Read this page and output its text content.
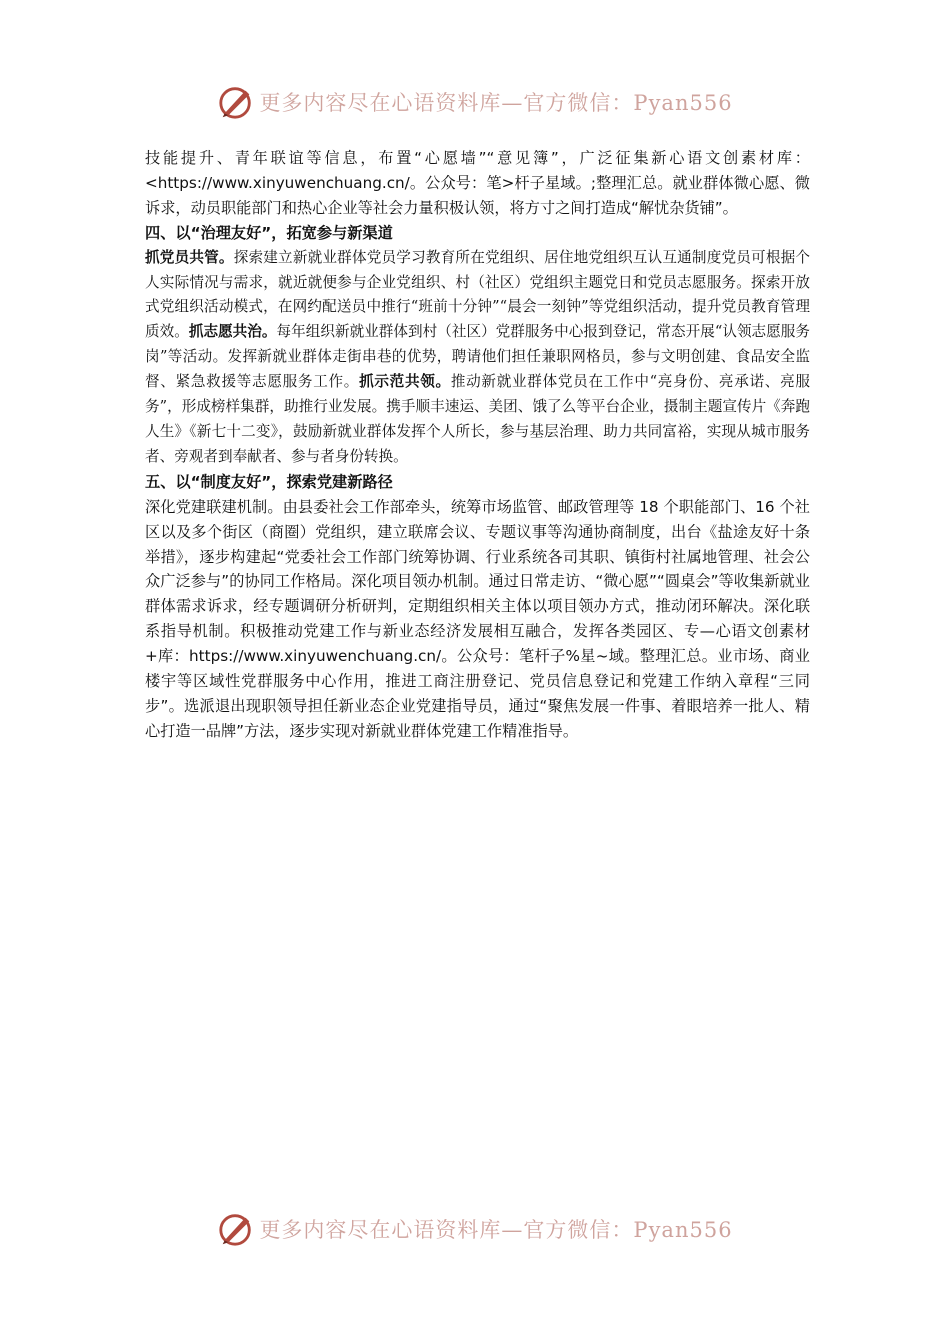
更多内容尽在心语资料库—官方微信：Pyan556

技能提升、青年联谊等信息，布置“心愿墙”“意见簿”，广泛征集新心语文创素材库：<https://www.xinyuwenchuang.cn/。公众号：笔>杆子星域。;整理汇总。就业群体微心愿、微诉求，动员职能部门和热心企业等社会力量积极认领，将方寸之间打造成“解忧杂货铺”。

四、以“治理友好”，拓宽参与新渠道

抓党员共管。探索建立新就业群体党员学习教育所在党组织、居住地党组织互认互通制度党员可根据个人实际情况与需求，就近就便参与企业党组织、村（社区）党组织主题党日和党员志愿服务。探索开放式党组织活动模式，在网约配送员中推行“班前十分钟”“晨会一刻钟”等党组织活动，提升党员教育管理质效。抓志愿共治。每年组织新就业群体到村（社区）党群服务中心报到登记，常态开展“认领志愿服务岗”等活动。发挥新就业群体走街串巷的优势，聘请他们担任兼职网格员，参与文明创建、食品安全监督、紧急救援等志愿服务工作。抓示范共领。推动新就业群体党员在工作中“亮身份、亮承诺、亮服务”，形成榜样集群，助推行业发展。携手顺丰速运、美团、饿了么等平台企业，摄制主题宣传片《奔跑人生》《新七十二变》，鼓励新就业群体发挥个人所长，参与基层治理、助力共同富裕，实现从城市服务者、旁观者到奉献者、参与者身份转换。

五、以“制度友好”，探索党建新路径

深化党建联建机制。由县委社会工作部牵头，统筹市场监管、邮政管理等 18 个职能部门、16 个社区以及多个街区（商圈）党组织，建立联席会议、专题议事等沟通协商制度，出台《盐途友好十条举措》，逐步构建起“党委社会工作部门统筹协调、行业系统各司其职、镇街村社属地管理、社会公众广泛参与”的协同工作格局。深化项目领办机制。通过日常走访、“微心愿”“圆桌会”等收集新就业群体需求诉求，经专题调研分析研判，定期组织相关主体以项目领办方式，推动闭环解决。深化联系指导机制。积极推动党建工作与新业态经济发展相互融合，发挥各类园区、专—心语文创素材+库：https://www.xinyuwenchuang.cn/。公众号：笔杆子%星~域。整理汇总。业市场、商业楼宇等区域性党群服务中心作用，推进工商注册登记、党员信息登记和党建工作纳入章程“三同步”。选派退出现职领导担任新业态企业党建指导员，通过“聚焦发展一件事、着眼培养一批人、精心打造一品牌”方法，逐步实现对新就业群体党建工作精准指导。

更多内容尽在心语资料库—官方微信：Pyan556
